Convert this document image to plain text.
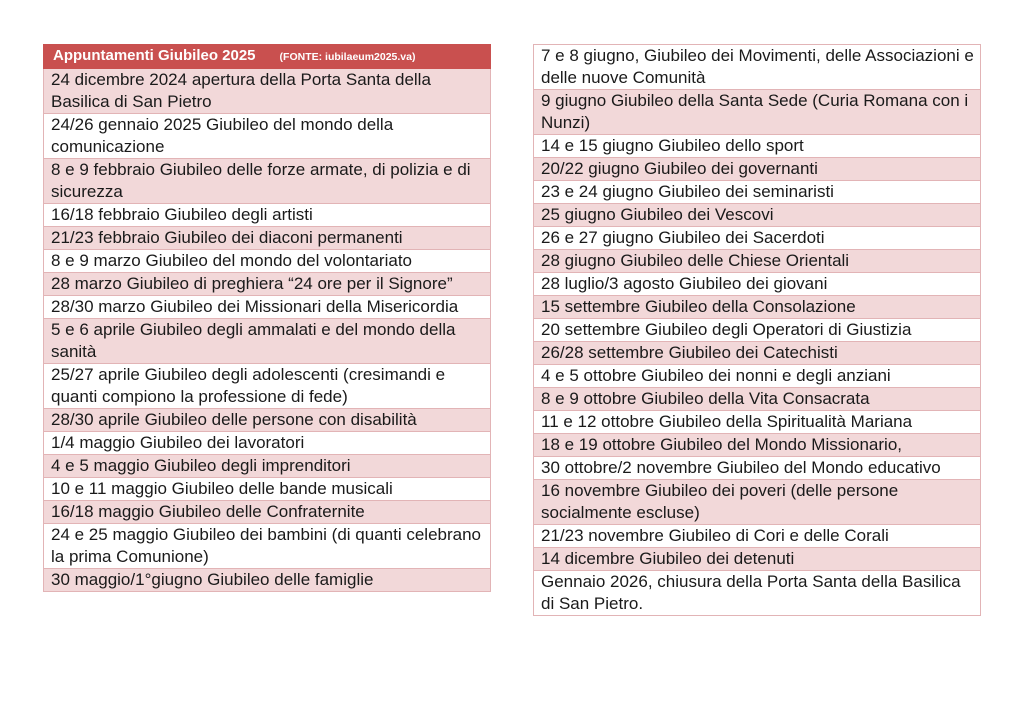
Appuntamenti Giubileo 2025 (FONTE: iubilaeum2025.va)
24 dicembre 2024 apertura della Porta Santa della Basilica di San Pietro
24/26 gennaio 2025 Giubileo del mondo della comunicazione
8 e 9 febbraio Giubileo delle forze armate, di polizia e di sicurezza
16/18 febbraio Giubileo degli artisti
21/23 febbraio Giubileo dei diaconi permanenti
8 e 9 marzo Giubileo del mondo del volontariato
28 marzo Giubileo di preghiera “24 ore per il Signore”
28/30 marzo Giubileo dei Missionari della Misericordia
5 e 6 aprile Giubileo degli ammalati e del mondo della sanità
25/27 aprile Giubileo degli adolescenti (cresimandi e quanti compiono la professione di fede)
28/30 aprile Giubileo delle persone con disabilità
1/4 maggio Giubileo dei lavoratori
4 e 5 maggio Giubileo degli imprenditori
10 e 11 maggio Giubileo delle bande musicali
16/18 maggio Giubileo delle Confraternite
24 e 25 maggio Giubileo dei bambini (di quanti celebrano la prima Comunione)
30 maggio/1°giugno Giubileo delle famiglie
7 e 8 giugno, Giubileo dei Movimenti, delle Associazioni e delle nuove Comunità
9 giugno Giubileo della Santa Sede (Curia Romana con i Nunzi)
14 e 15 giugno Giubileo dello sport
20/22 giugno Giubileo dei governanti
23 e 24 giugno Giubileo dei seminaristi
25 giugno Giubileo dei Vescovi
26 e 27 giugno Giubileo dei Sacerdoti
28 giugno Giubileo delle Chiese Orientali
28 luglio/3 agosto Giubileo dei giovani
15 settembre Giubileo della Consolazione
20 settembre Giubileo degli Operatori di Giustizia
26/28 settembre Giubileo dei Catechisti
4 e 5 ottobre Giubileo dei nonni e degli anziani
8 e 9 ottobre Giubileo della Vita Consacrata
11 e 12 ottobre Giubileo della Spiritualità Mariana
18 e 19 ottobre Giubileo del Mondo Missionario,
30 ottobre/2 novembre Giubileo del Mondo educativo
16 novembre Giubileo dei poveri (delle persone socialmente escluse)
21/23 novembre Giubileo di Cori e delle Corali
14 dicembre Giubileo dei detenuti
Gennaio 2026, chiusura della Porta Santa della Basilica di San Pietro.
